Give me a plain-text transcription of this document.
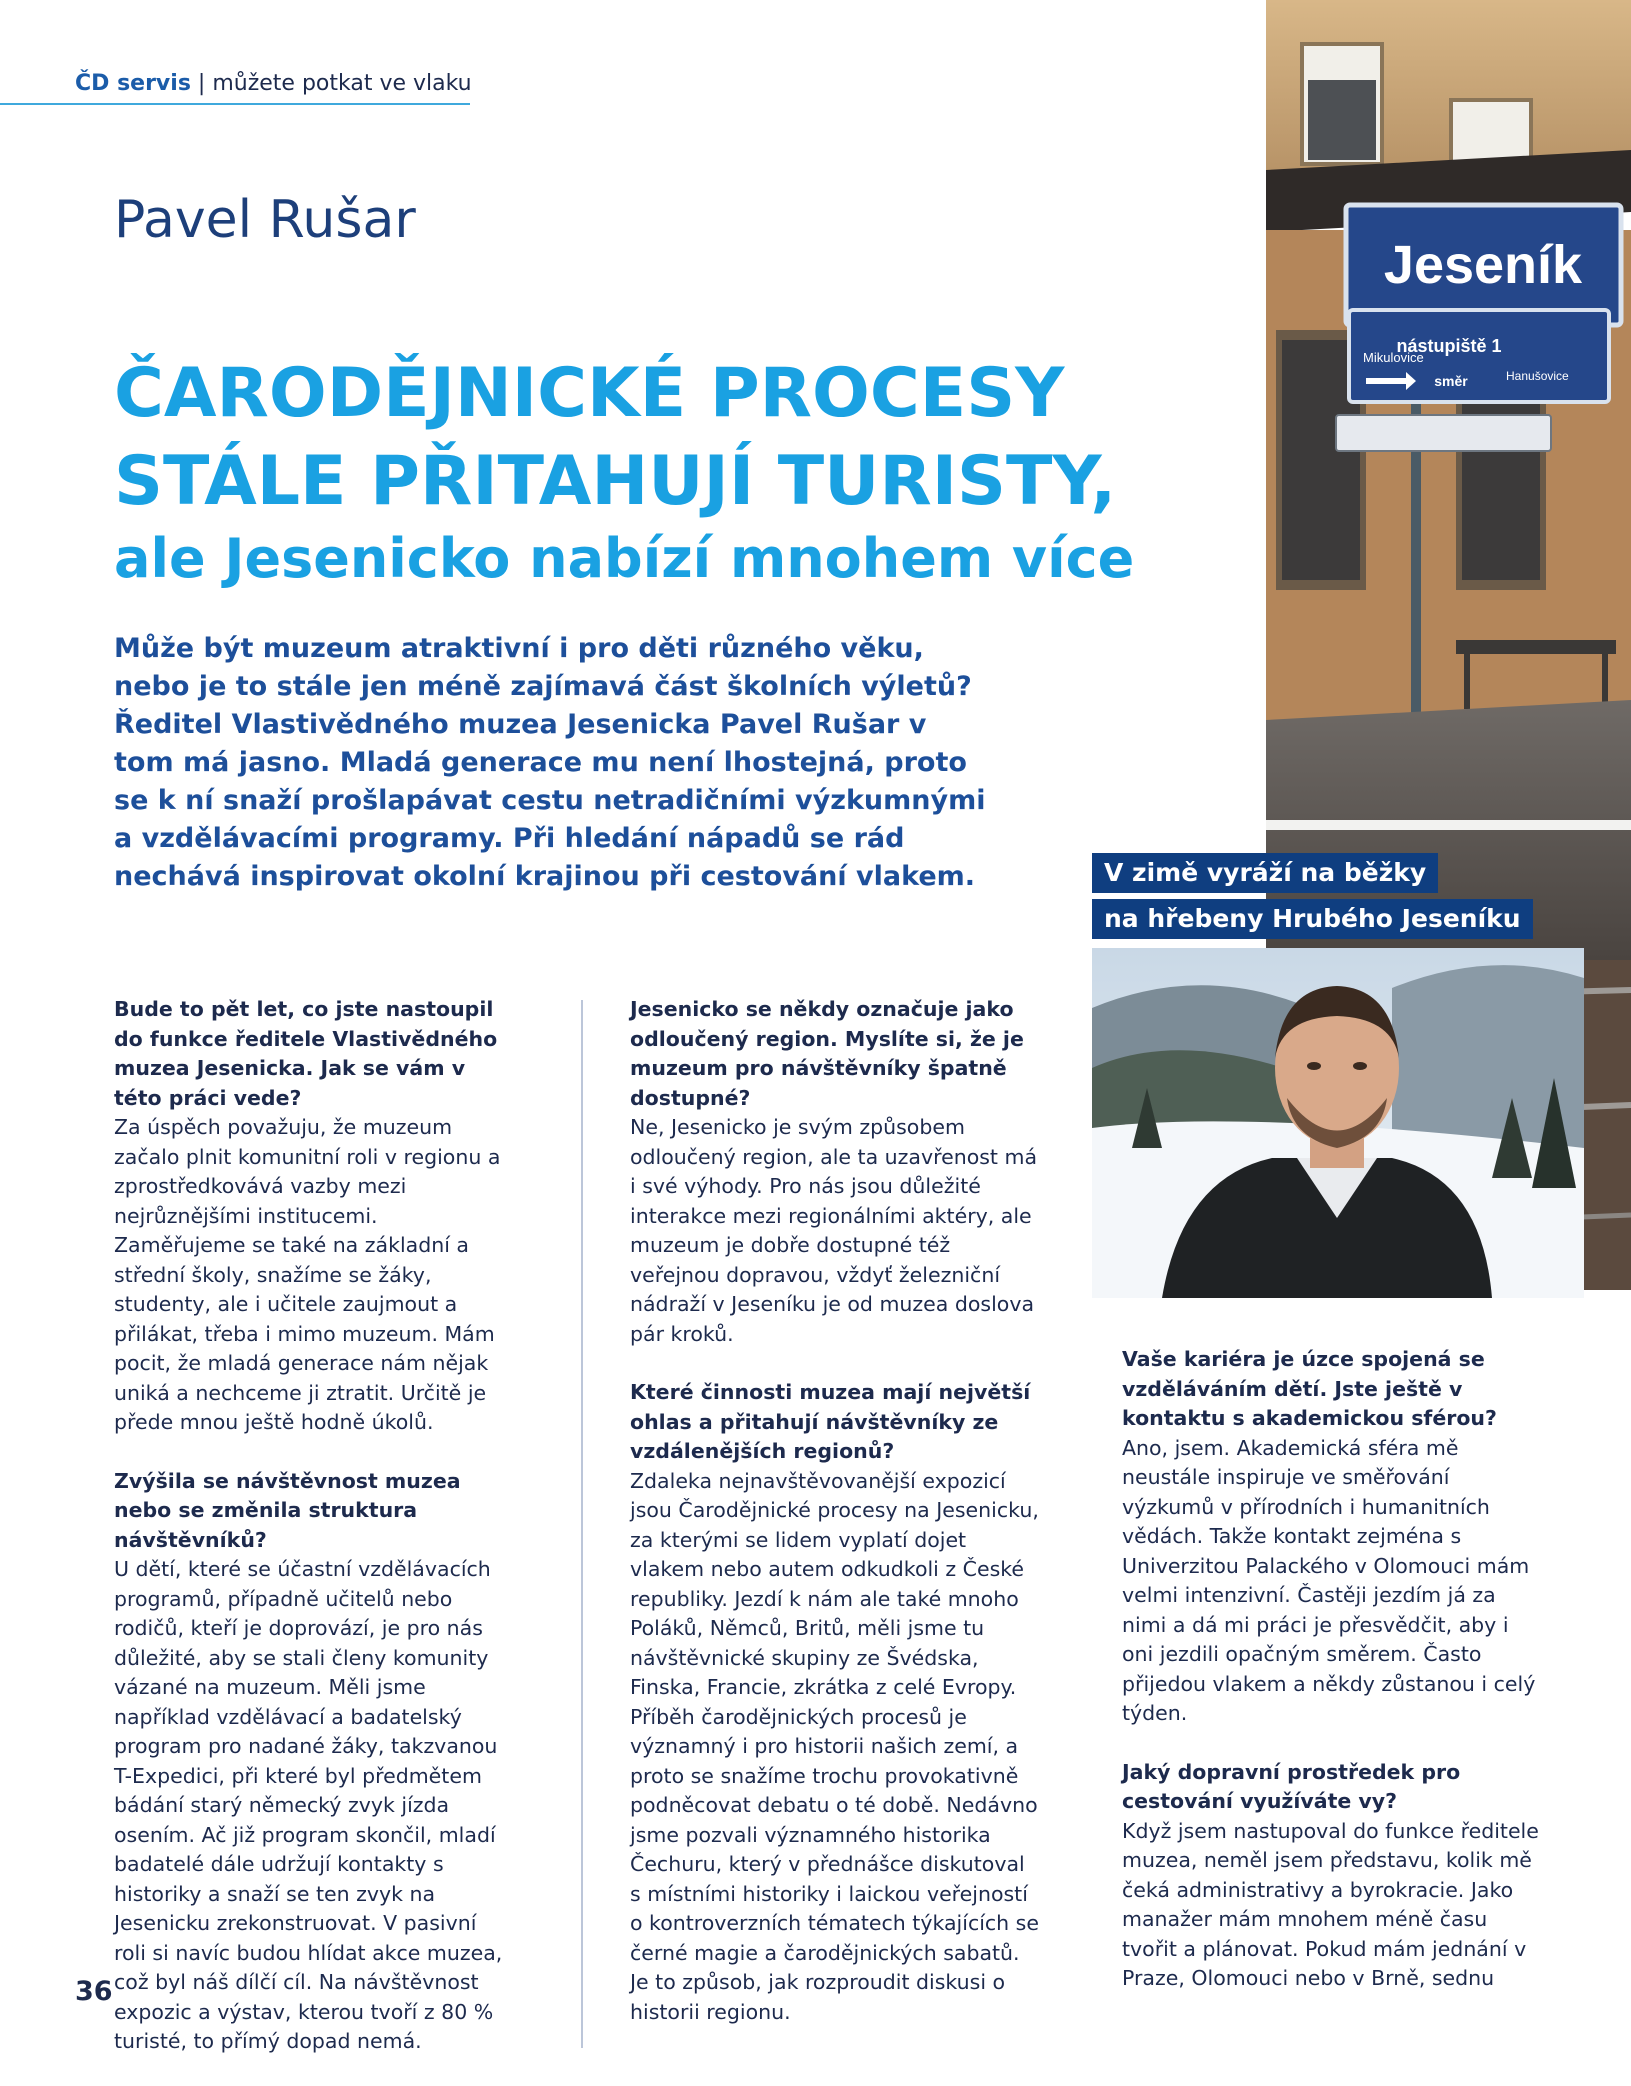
ČD servis | můžete potkat ve vlaku
Pavel Rušar
ČARODĚJNICKÉ PROCESY
STÁLE PŘITAHUJÍ TURISTY,
ale Jesenicko nabízí mnohem více
Může být muzeum atraktivní i pro děti různého věku, nebo je to stále jen méně zajímavá část školních výletů? Ředitel Vlastivědného muzea Jesenicka Pavel Rušar v tom má jasno. Mladá generace mu není lhostejná, proto se k ní snaží prošlapávat cestu netradičními výzkumnými a vzdělávacími programy. Při hledání nápadů se rád nechává inspirovat okolní krajinou při cestování vlakem.
Jeseník
nástupiště 1
Mikulovice
směr	Hanušovice
V zimě vyráží na běžky
na hřebeny Hrubého Jeseníku

Bude to pět let, co jste nastoupil do funkce ředitele Vlastivědného muzea Jesenicka. Jak se vám v této práci vede?
Za úspěch považuju, že muzeum začalo plnit komunitní roli v regionu a zprostředkovává vazby mezi nejrůznějšími institucemi. Zaměřujeme se také na základní a střední školy, snažíme se žáky, studenty, ale i učitele zaujmout a přilákat, třeba i mimo muzeum. Mám pocit, že mladá generace nám nějak uniká a nechceme ji ztratit. Určitě je přede mnou ještě hodně úkolů.

Zvýšila se návštěvnost muzea nebo se změnila struktura návštěvníků?
U dětí, které se účastní vzdělávacích programů, případně učitelů nebo rodičů, kteří je doprovází, je pro nás důležité, aby se stali členy komunity vázané na muzeum. Měli jsme například vzdělávací a badatelský program pro nadané žáky, takzvanou T-Expedici, při které byl předmětem bádání starý německý zvyk jízda osením. Ač již program skončil, mladí badatelé dále udržují kontakty s historiky a snaží se ten zvyk na Jesenicku zrekonstruovat. V pasivní roli si navíc budou hlídat akce muzea, což byl náš dílčí cíl. Na návštěvnost expozic a výstav, kterou tvoří z 80 % turisté, to přímý dopad nemá.

Jesenicko se někdy označuje jako odloučený region. Myslíte si, že je muzeum pro návštěvníky špatně dostupné?
Ne, Jesenicko je svým způsobem odloučený region, ale ta uzavřenost má i své výhody. Pro nás jsou důležité interakce mezi regionálními aktéry, ale muzeum je dobře dostupné též veřejnou dopravou, vždyť železniční nádraží v Jeseníku je od muzea doslova pár kroků.

Které činnosti muzea mají největší ohlas a přitahují návštěvníky ze vzdálenějších regionů?
Zdaleka nejnavštěvovanější expozicí jsou Čarodějnické procesy na Jesenicku, za kterými se lidem vyplatí dojet vlakem nebo autem odkudkoli z České republiky. Jezdí k nám ale také mnoho Poláků, Němců, Britů, měli jsme tu návštěvnické skupiny ze Švédska, Finska, Francie, zkrátka z celé Evropy. Příběh čarodějnických procesů je významný i pro historii našich zemí, a proto se snažíme trochu provokativně podněcovat debatu o té době. Nedávno jsme pozvali významného historika Čechuru, který v přednášce diskutoval s místními historiky i laickou veřejností o kontroverzních tématech týkajících se černé magie a čarodějnických sabatů. Je to způsob, jak rozproudit diskusi o historii regionu.

Vaše kariéra je úzce spojená se vzděláváním dětí. Jste ještě v kontaktu s akademickou sférou?
Ano, jsem. Akademická sféra mě neustále inspiruje ve směřování výzkumů v přírodních i humanitních vědách. Takže kontakt zejména s Univerzitou Palackého v Olomouci mám velmi intenzivní. Častěji jezdím já za nimi a dá mi práci je přesvědčit, aby i oni jezdili opačným směrem. Často přijedou vlakem a někdy zůstanou i celý týden.

Jaký dopravní prostředek pro cestování využíváte vy?
Když jsem nastupoval do funkce ředitele muzea, neměl jsem představu, kolik mě čeká administrativy a byrokracie. Jako manažer mám mnohem méně času tvořit a plánovat. Pokud mám jednání v Praze, Olomouci nebo v Brně, sednu

36
